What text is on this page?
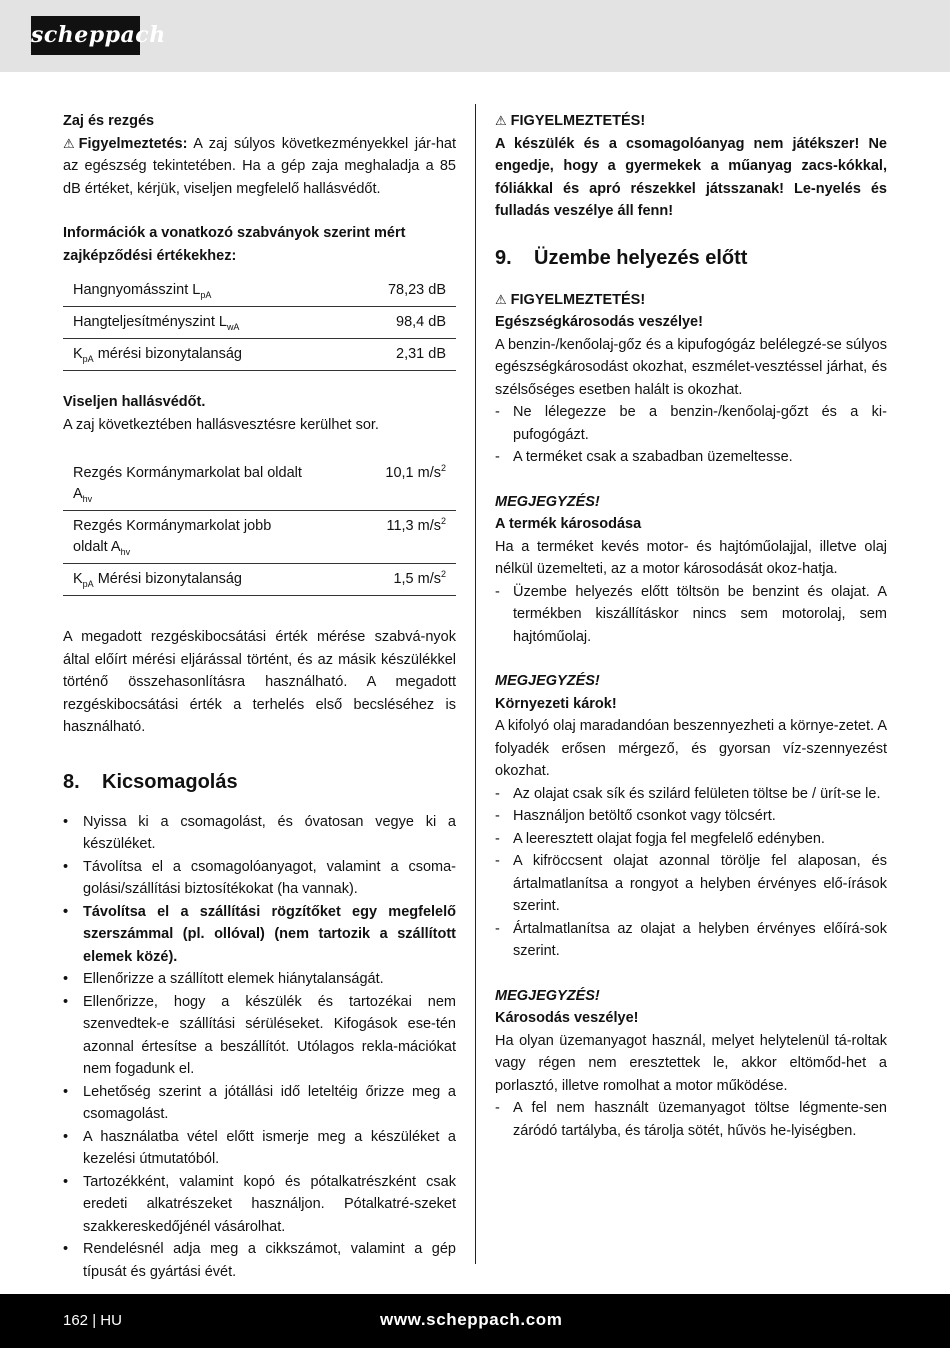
scheppach

Zaj és rezgés

⚠ Figyelmeztetés: A zaj súlyos következményekkel jár-hat az egészség tekintetében. Ha a gép zaja meghaladja a 85 dB értéket, kérjük, viseljen megfelelő hallásvédőt.

Információk a vonatkozó szabványok szerint mért zajképződési értékekhez:

Hangnyomásszint $L_{pA}$	78,23 dB
Hangteljesítményszint $L_{wA}$	98,4 dB
$K_{pA}$ mérési bizonytalanság	2,31 dB

Viseljen hallásvédőt.

A zaj következtében hallásvesztésre kerülhet sor.

Rezgés Kormánymarkolat bal oldalt $A_{hv}$	10,1 $m/s^2$
Rezgés Kormánymarkolat jobb oldalt $A_{hv}$	11,3 $m/s^2$
$K_{pA}$ Mérési bizonytalanság	1,5 $m/s^2$

A megadott rezgéskibocsátási érték mérése szabvá-nyok által előírt mérési eljárással történt, és az másik készülékkel történő összehasonlításra használható. A megadott rezgéskibocsátási érték a terhelés első becsléséhez is használható.

8. Kicsomagolás
• Nyissa ki a csomagolást, és óvatosan vegye ki a készüléket.
• Távolítsa el a csomagolóanyagot, valamint a csoma-golási/szállítási biztosítékokat (ha vannak).
• Távolítsa el a szállítási rögzítőket egy megfelelő szerszámmal (pl. ollóval) (nem tartozik a szállított elemek közé).
• Ellenőrizze a szállított elemek hiánytalanságát.
• Ellenőrizze, hogy a készülék és tartozékai nem szenvedtek-e szállítási sérüléseket. Kifogások ese-tén azonnal értesítse a beszállítót. Utólagos rekla-mációkat nem fogadunk el.
• Lehetőség szerint a jótállási idő leteltéig őrizze meg a csomagolást.
• A használatba vétel előtt ismerje meg a készüléket a kezelési útmutatóból.
• Tartozékként, valamint kopó és pótalkatrészként csak eredeti alkatrészeket használjon. Pótalkatré-szeket szakkereskedőjénél vásárolhat.
• Rendelésnél adja meg a cikkszámot, valamint a gép típusát és gyártási évét.

⚠ FIGYELMEZTETÉS!

A készülék és a csomagolóanyag nem játékszer! Ne engedje, hogy a gyermekek a műanyag zacs-kókkal, fóliákkal és apró részekkel játsszanak! Le-nyelés és fulladás veszélye áll fenn!

9. Üzembe helyezés előtt

⚠ FIGYELMEZTETÉS!

Egészségkárosodás veszélye!

A benzin-/kenőolaj-gőz és a kipufogógáz belélegzé-se súlyos egészségkárosodást okozhat, eszmélet-vesztéssel járhat, és szélsőséges esetben halált is okozhat.

- Ne lélegezze be a benzin-/kenőolaj-gőzt és a ki-pufogógázt.
- A terméket csak a szabadban üzemeltesse.

MEGJEGYZÉS!

A termék károsodása

Ha a terméket kevés motor- és hajtóműolajjal, illetve olaj nélkül üzemelteti, az a motor károsodását okoz-hatja.

- Üzembe helyezés előtt töltsön be benzint és olajat. A termékben kiszállításkor nincs sem motorolaj, sem hajtóműolaj.

MEGJEGYZÉS!

Környezeti károk!

A kifolyó olaj maradandóan beszennyezheti a környe-zetet. A folyadék erősen mérgező, és gyorsan víz-szennyezést okozhat.

- Az olajat csak sík és szilárd felületen töltse be / ürít-se le.
- Használjon betöltő csonkot vagy tölcsért.
- A leeresztett olajat fogja fel megfelelő edényben.
- A kifröccsent olajat azonnal törölje fel alaposan, és ártalmatlanítsa a rongyot a helyben érvényes elő-írások szerint.
- Ártalmatlanítsa az olajat a helyben érvényes előírá-sok szerint.

MEGJEGYZÉS!

Károsodás veszélye!

Ha olyan üzemanyagot használ, melyet helytelenül tá-roltak vagy régen nem eresztettek le, akkor eltömőd-het a porlasztó, illetve romolhat a motor működése.

- A fel nem használt üzemanyagot töltse légmente-sen záródó tartályba, és tárolja sötét, hűvös he-lyiségben.
162 | HU	www.scheppach.com
